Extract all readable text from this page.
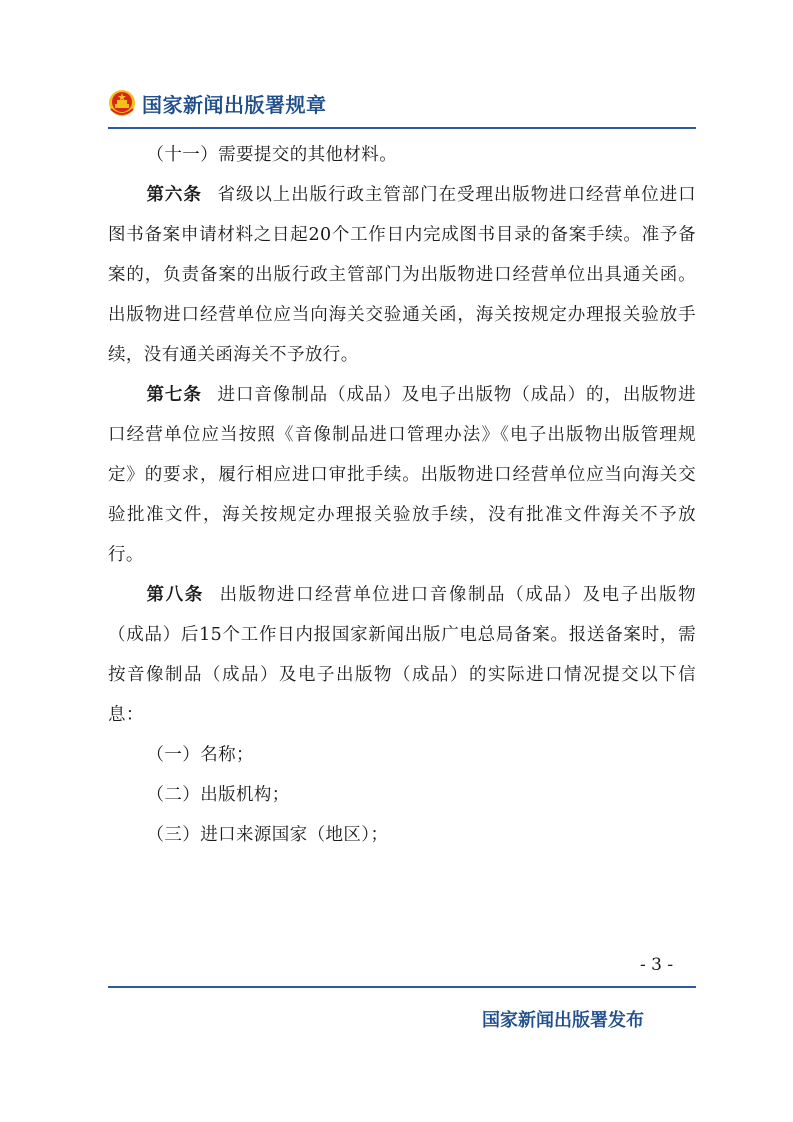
国家新闻出版署规章

（十一）需要提交的其他材料。

第六条 省级以上出版行政主管部门在受理出版物进口经营单位进口图书备案申请材料之日起20个工作日内完成图书目录的备案手续。准予备案的，负责备案的出版行政主管部门为出版物进口经营单位出具通关函。出版物进口经营单位应当向海关交验通关函，海关按规定办理报关验放手续，没有通关函海关不予放行。

第七条 进口音像制品（成品）及电子出版物（成品）的，出版物进口经营单位应当按照《音像制品进口管理办法》《电子出版物出版管理规定》的要求，履行相应进口审批手续。出版物进口经营单位应当向海关交验批准文件，海关按规定办理报关验放手续，没有批准文件海关不予放行。

第八条 出版物进口经营单位进口音像制品（成品）及电子出版物（成品）后15个工作日内报国家新闻出版广电总局备案。报送备案时，需按音像制品（成品）及电子出版物（成品）的实际进口情况提交以下信息：

（一）名称；

（二）出版机构；

（三）进口来源国家（地区）；

- 3 -
国家新闻出版署发布
